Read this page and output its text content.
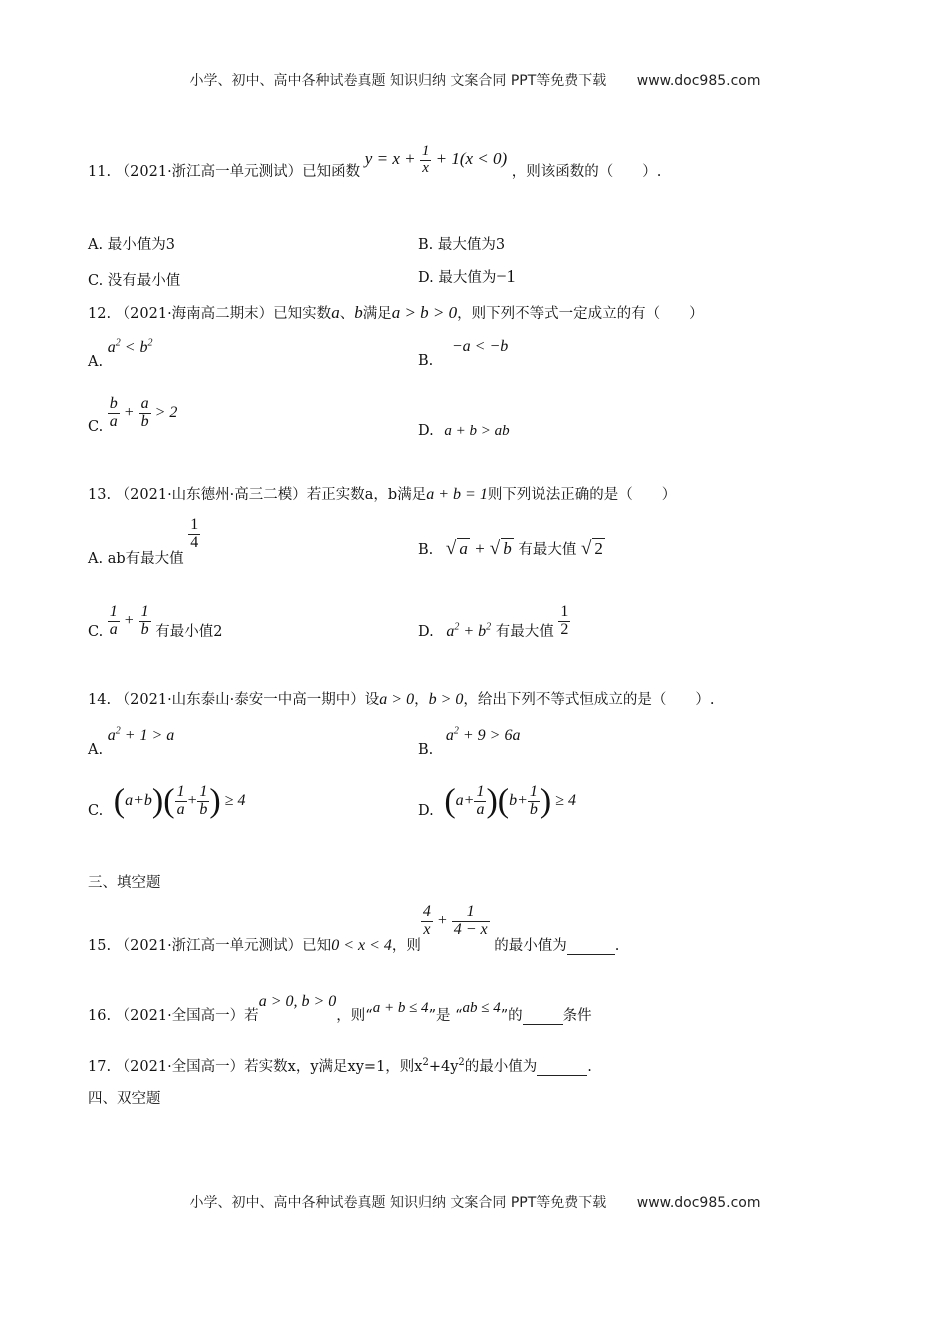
小学、初中、高中各种试卷真题 知识归纳 文案合同 PPT等免费下载 www.doc985.com
11. （2021·浙江高一单元测试）已知函数 $y = x + \frac{1}{x} + 1(x < 0)$ ，则该函数的（　　）.
A. 最小值为3	B. 最大值为3
C. 没有最小值	D. 最大值为−1
12. （2021·海南高二期末）已知实数a、b满足a > b > 0，则下列不等式一定成立的有（　　）
A. $a^2 < b^2$
B. −a < −b
C. $\frac{b}{a} + \frac{a}{b} > 2$
D. a + b > ab
13. （2021·山东德州·高三二模）若正实数a，b满足a + b = 1则下列说法正确的是（　　）
A. ab有最大值
$\frac{1}{4}$	B. √ a + √ b 有最大值 √ 2
C. $\frac{1}{a} + \frac{1}{b}$ 有最小值2	D. $a^2 + b^2$ 有最大值 $\frac{1}{2}$
14. （2021·山东泰山·泰安一中高一期中）设a > 0，b > 0，给出下列不等式恒成立的是（　　）.
A. $a^2 + 1 > a$
B. $a^2 + 9 > 6a$
C. $(a+b)( \frac{1}{a} + \frac{1}{b}$ ) ≥ 4
D. $(a+ \frac{1}{a} )(b+ \frac{1}{b}$ ) ≥ 4
三、填空题
15. （2021·浙江高一单元测试）已知0 < x < 4，则
$\frac{4}{x} + \frac{1}{4 - x}$
的最小值为	.
16. （2021·全国高一）若a > 0, b > 0，则“a + b ≤ 4”是 “ab ≤ 4”的	条件
17. （2021·全国高一）若实数x，y满足xy=1，则$x^2+4y^2$的最小值为	.
四、双空题
小学、初中、高中各种试卷真题 知识归纳 文案合同 PPT等免费下载 www.doc985.com
